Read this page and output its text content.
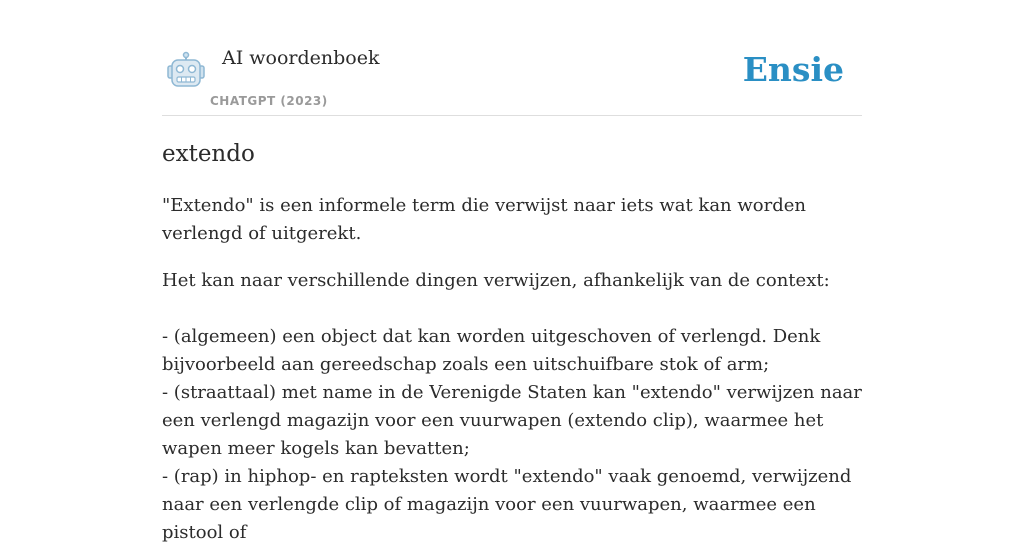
AI woordenboek
CHATGPT (2023)
Ensie
extendo

"Extendo" is een informele term die verwijst naar iets wat kan worden verlengd of uitgerekt.

Het kan naar verschillende dingen verwijzen, afhankelijk van de context:

- (algemeen) een object dat kan worden uitgeschoven of verlengd. Denk bijvoorbeeld aan gereedschap zoals een uitschuifbare stok of arm;
- (straattaal) met name in de Verenigde Staten kan "extendo" verwijzen naar een verlengd magazijn voor een vuurwapen (extendo clip), waarmee het wapen meer kogels kan bevatten;
- (rap) in hiphop- en rapteksten wordt "extendo" vaak genoemd, verwijzend naar een verlengde clip of magazijn voor een vuurwapen, waarmee een pistool of
